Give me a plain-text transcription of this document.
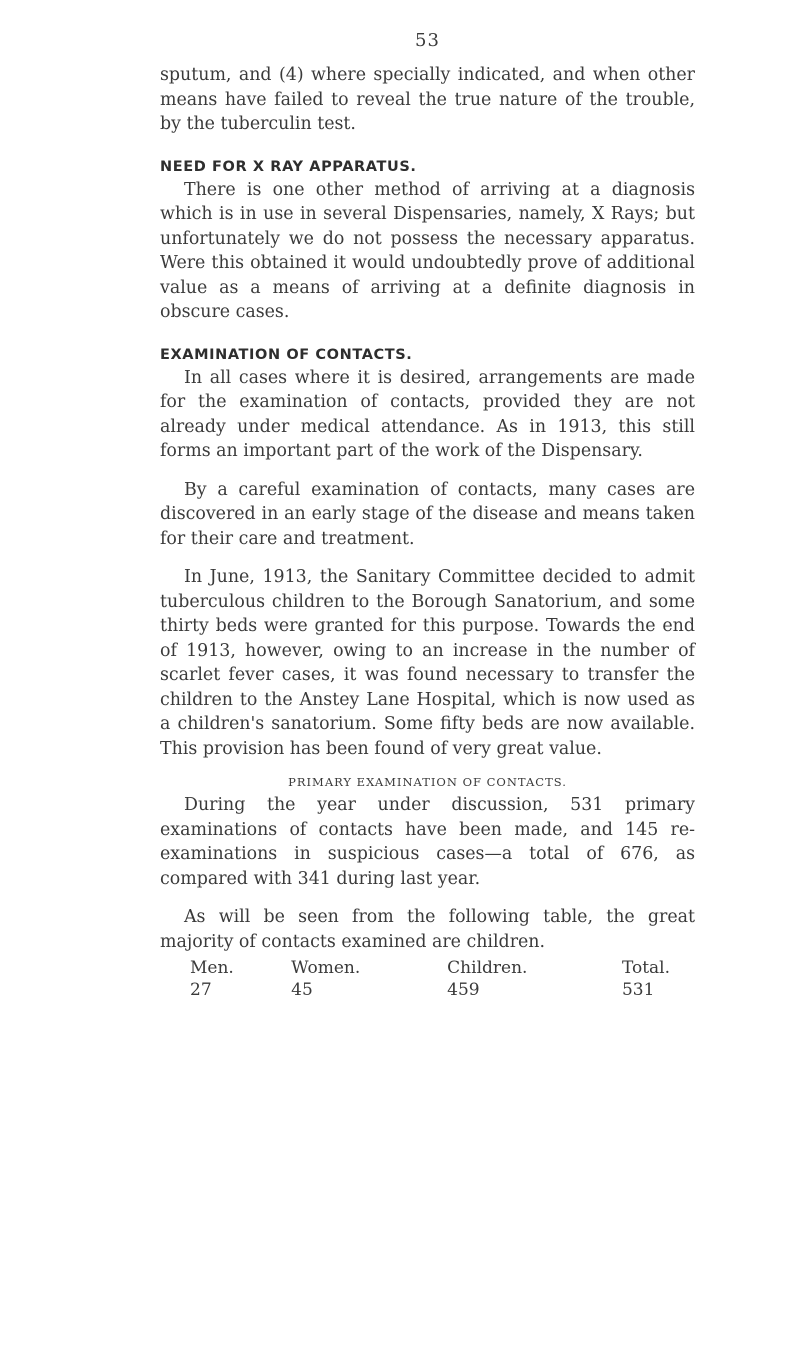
53

sputum, and (4) where specially indicated, and when other means have failed to reveal the true nature of the trouble, by the tuberculin test.

NEED FOR X RAY APPARATUS.

There is one other method of arriving at a diagnosis which is in use in several Dispensaries, namely, X Rays; but unfortunately we do not possess the necessary apparatus. Were this obtained it would undoubtedly prove of additional value as a means of arriving at a definite diagnosis in obscure cases.

EXAMINATION OF CONTACTS.

In all cases where it is desired, arrangements are made for the examination of contacts, provided they are not already under medical attendance. As in 1913, this still forms an important part of the work of the Dispensary.

By a careful examination of contacts, many cases are discovered in an early stage of the disease and means taken for their care and treatment.

In June, 1913, the Sanitary Committee decided to admit tuberculous children to the Borough Sanatorium, and some thirty beds were granted for this purpose. Towards the end of 1913, however, owing to an increase in the number of scarlet fever cases, it was found necessary to transfer the children to the Anstey Lane Hospital, which is now used as a children's sanatorium. Some fifty beds are now available. This provision has been found of very great value.

PRIMARY EXAMINATION OF CONTACTS.

During the year under discussion, 531 primary examinations of contacts have been made, and 145 re-examinations in suspicious cases—a total of 676, as compared with 341 during last year.

As will be seen from the following table, the great majority of contacts examined are children.

Men.	Women.	Children.	Total.
27	45	459	531
